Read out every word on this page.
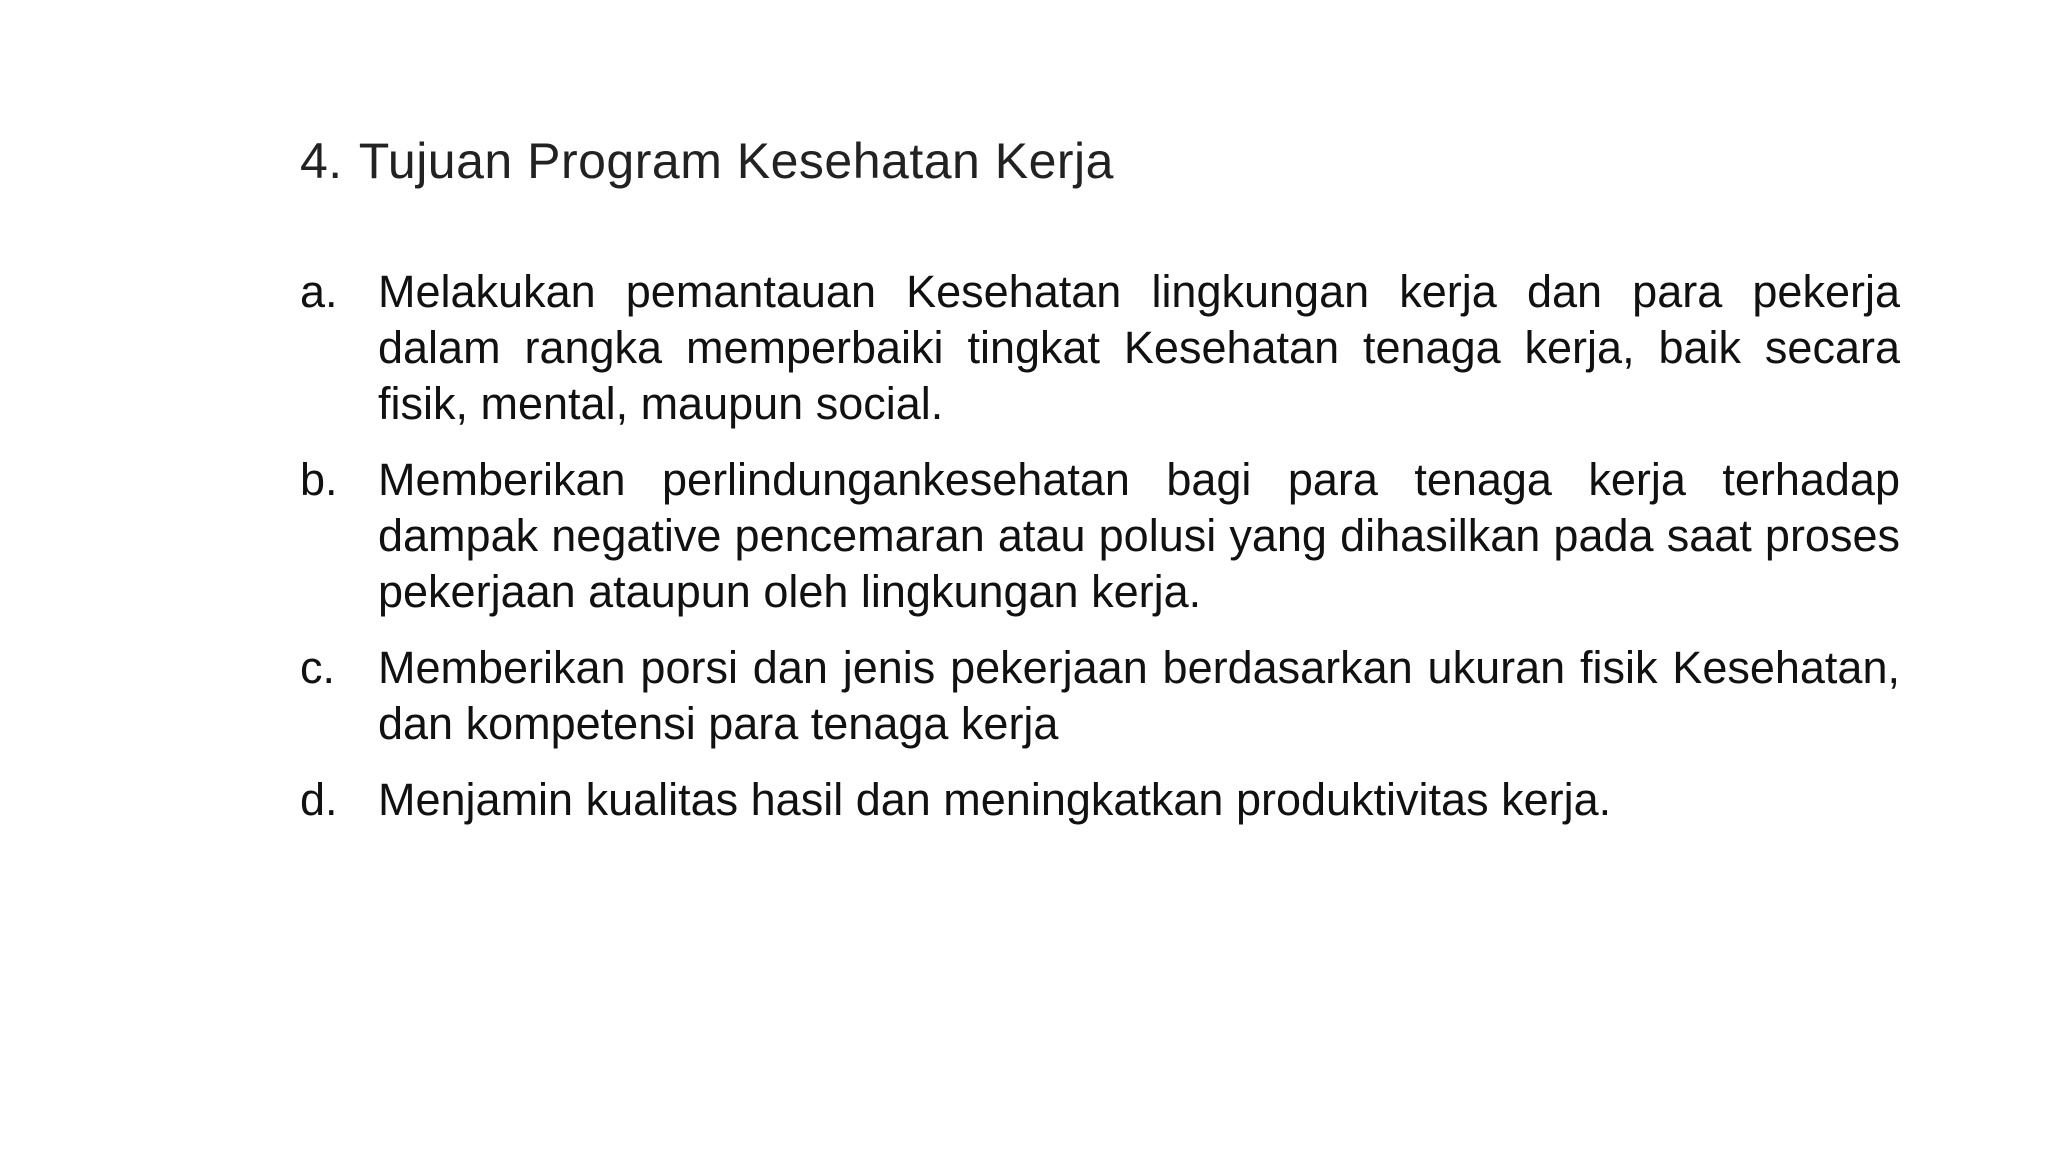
4. Tujuan Program Kesehatan Kerja
a. Melakukan pemantauan Kesehatan lingkungan kerja dan para pekerja dalam rangka memperbaiki tingkat Kesehatan tenaga kerja, baik secara fisik, mental, maupun social.
b. Memberikan perlindungankesehatan bagi para tenaga kerja terhadap dampak negative pencemaran atau polusi yang dihasilkan pada saat proses pekerjaan ataupun oleh lingkungan kerja.
c. Memberikan porsi dan jenis pekerjaan berdasarkan ukuran fisik Kesehatan, dan kompetensi para tenaga kerja
d. Menjamin kualitas hasil dan meningkatkan produktivitas kerja.
